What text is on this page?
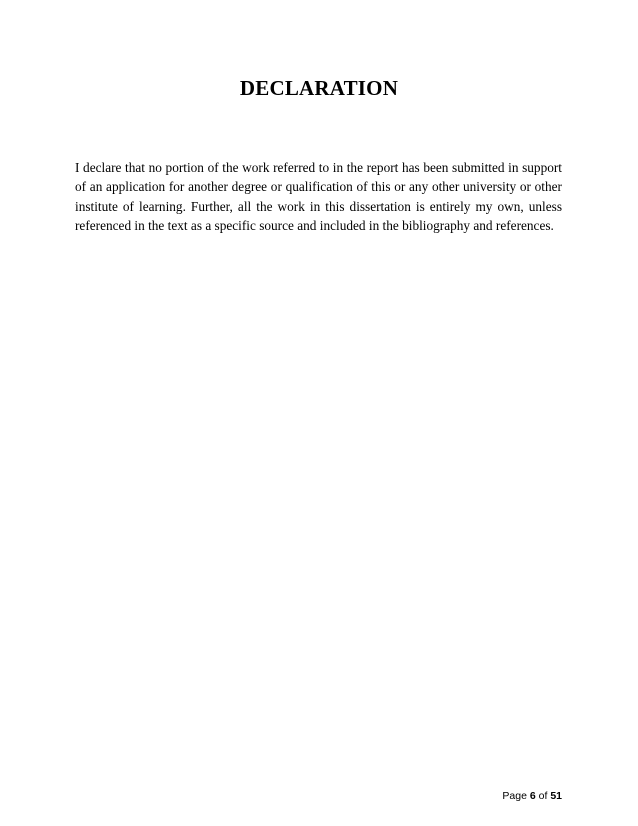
DECLARATION

I declare that no portion of the work referred to in the report has been submitted in support of an application for another degree or qualification of this or any other university or other institute of learning. Further, all the work in this dissertation is entirely my own, unless referenced in the text as a specific source and included in the bibliography and references.

Page 6 of 51
